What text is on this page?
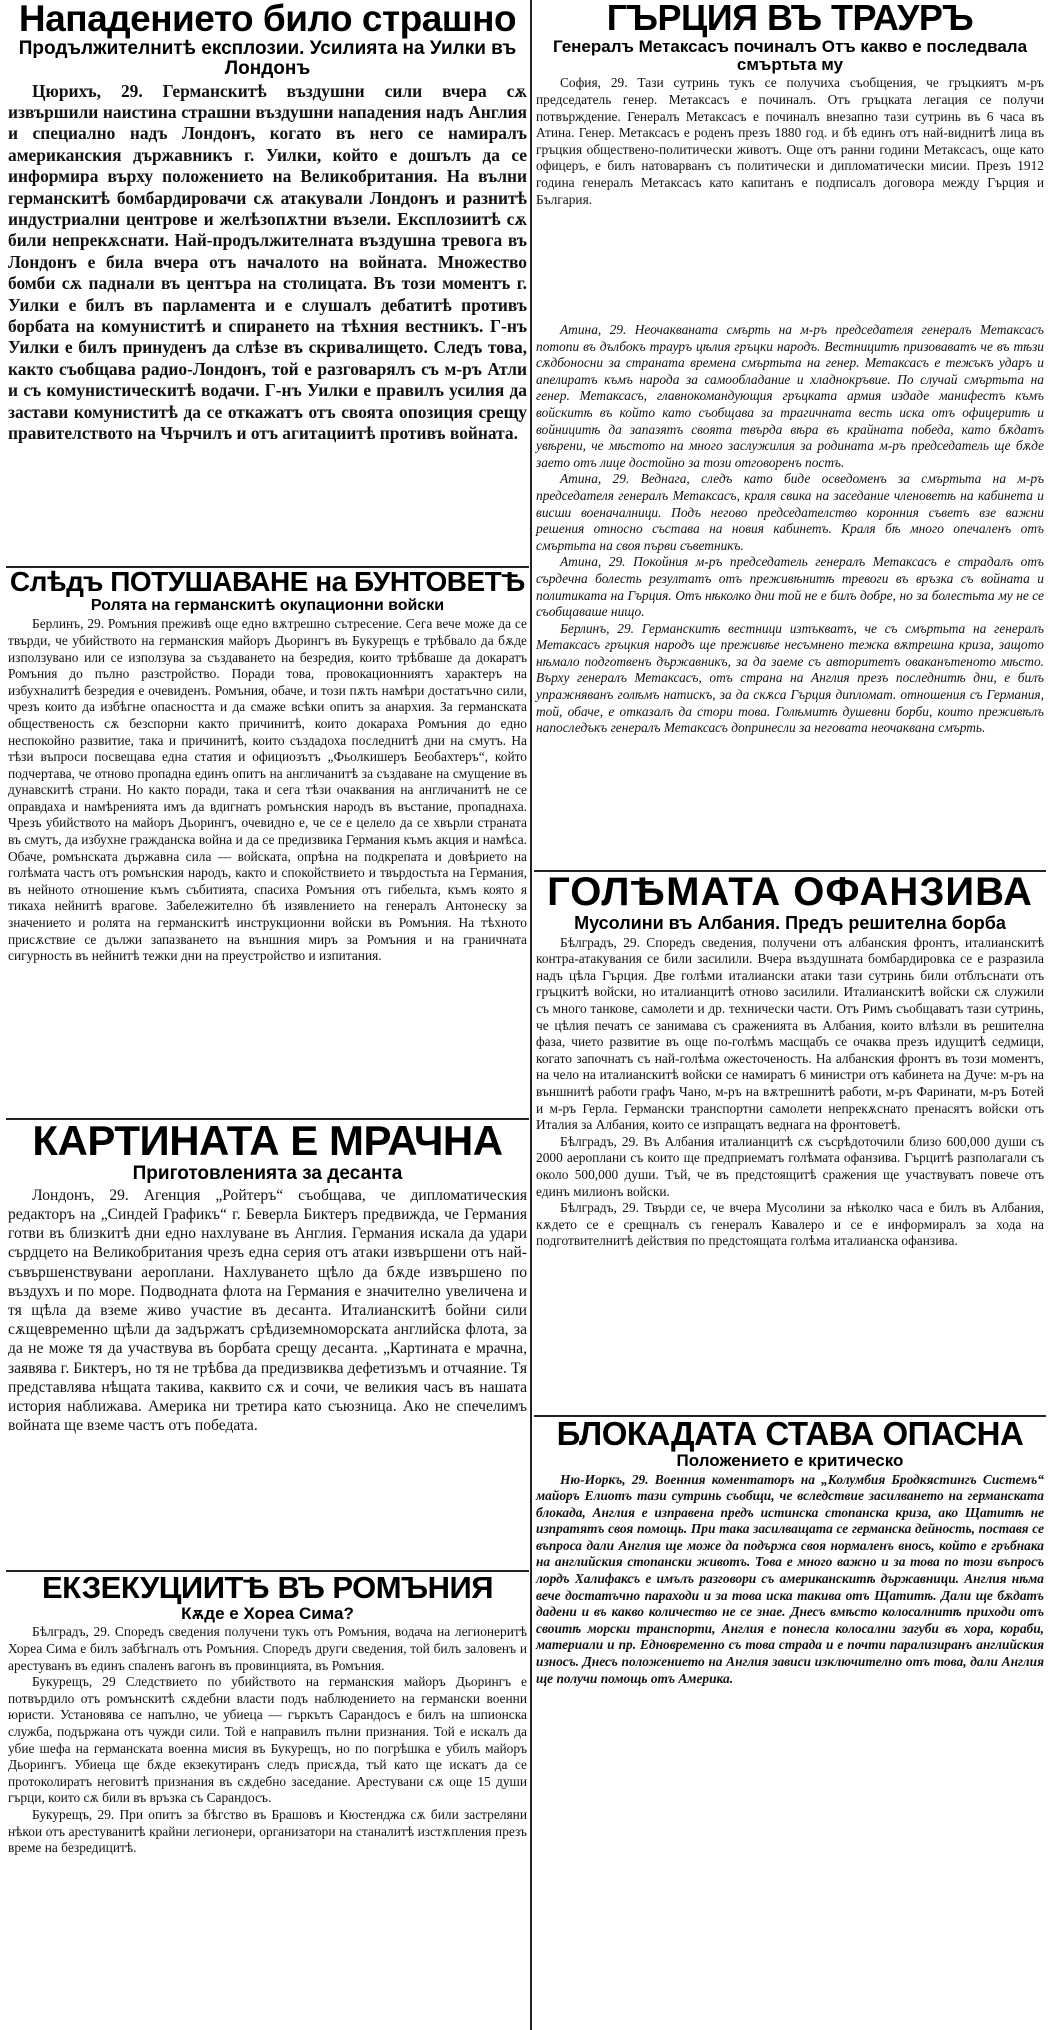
Нападението било страшно
Продължителнитѣ експлозии. Усилията на Уилки въ Лондонъ

Цюрихъ, 29. Германскитѣ въздушни сили вчера сѫ извършили наистина страшни въздушни нападения надъ Англия и специално надъ Лондонъ, когато въ него се намиралъ американския държавникъ г. Уилки, който е дошълъ да се информира върху положението на Великобритания. На вълни германскитѣ бомбардировачи сѫ атакували Лондонъ и разнитѣ индустриални центрове и желѣзопѫтни възели. Експлозиитѣ сѫ били непрекѫснати. Най-продължителната въздушна тревога въ Лондонъ е била вчера отъ началото на войната. Множество бомби сѫ паднали въ центъра на столицата. Въ този моментъ г. Уилки е билъ въ парламента и е слушалъ дебатитѣ противъ борбата на комуниститѣ и спирането на тѣхния вестникъ. Г-нъ Уилки е билъ принуденъ да слѣзе въ скривалището. Следъ това, както съобщава радио-Лондонъ, той е разговарялъ съ м-ръ Атли и съ комунистическитѣ водачи. Г-нъ Уилки е правилъ усилия да застави комуниститѣ да се откажатъ отъ своята опозиция срещу правителството на Чърчилъ и отъ агитациитѣ противъ войната.

Слѣдъ ПОТУШАВАНЕ на БУНТОВЕТѢ
Ролята на германскитѣ окупационни войски

Берлинъ, 29. Ромъния преживѣ още едно вѫтрешно сътресение. Сега вече може да се твърди, че убийството на германския майоръ Дьорингъ въ Букурещъ е трѣбвало да бѫде използувано или се използува за създаването на безредия, които трѣбваше да докаратъ Ромъния до пълно разстройство. Поради това, провокационниятъ характеръ на избухналитѣ безредия е очевиденъ. Ромъния, обаче, и този пѫть намѣри достатъчно сили, чрезъ които да избѣгне опасността и да смаже всѣки опитъ за анархия. За германската общественость сѫ безспорни както причинитѣ, които докараха Ромъния до едно неспокойно развитие, така и причинитѣ, които създадоха последнитѣ дни на смутъ. На тѣзи въпроси посвещава една статия и официозътъ „Фьолкишеръ Беобахтеръ“, който подчертава, че отново пропадна единъ опитъ на англичанитѣ за създаване на смущение въ дунавскитѣ страни. Но както поради, така и сега тѣзи очаквания на англичанитѣ не се оправдаха и намѣренията имъ да вдигнатъ ромънския народъ въ въстание, пропаднаха. Чрезъ убийството на майоръ Дьорингъ, очевидно е, че се е целело да се хвърли страната въ смутъ, да избухне гражданска война и да се предизвика Германия къмъ акция и намѣса. Обаче, ромънската държавна сила — войската, опрѣна на подкрепата и довѣрието на голѣмата частъ отъ ромънския народъ, както и спокойствието и твърдостьта на Германия, въ нейното отношение къмъ събитията, спасиха Ромъния отъ гибельта, къмъ която я тикаха нейнитѣ врагове. Забележително бѣ изявлението на генералъ Антонеску за значението и ролята на германскитѣ инструкционни войски въ Ромъния. На тѣхното присѫствие се дължи запазването на външния миръ за Ромъния и на граничната сигурность въ нейнитѣ тежки дни на преустройство и изпитания.

КАРТИНАТА Е МРАЧНА
Приготовленията за десанта

Лондонъ, 29. Агенция „Ройтеръ“ съобщава, че дипломатическия редакторъ на „Синдей Графикъ“ г. Беверла Биктеръ предвижда, че Германия готви въ близкитѣ дни едно нахлуване въ Англия. Германия искала да удари сърдцето на Великобритания чрезъ една серия отъ атаки извършени отъ най-съвършенствувани аероплани. Нахлуването щѣло да бѫде извършено по въздухъ и по море. Подводната флота на Германия е значително увеличена и тя щѣла да вземе живо участие въ десанта. Италианскитѣ бойни сили сѫщевременно щѣли да задържатъ срѣдиземноморската английска флота, за да не може тя да участвува въ борбата срещу десанта. „Картината е мрачна, заявява г. Биктеръ, но тя не трѣбва да предизвиква дефетизъмъ и отчаяние. Тя представлява нѣщата такива, каквито сѫ и сочи, че великия часъ въ нашата история наближава. Америка ни третира като съюзница. Ако не спечелимъ войната ще вземе частъ отъ победата.

ЕКЗЕКУЦИИТѢ ВЪ РОМЪНИЯ
Кѫде е Хореа Сима?

Бѣлградъ, 29. Споредъ сведения получени тукъ отъ Ромъния, водача на легионеритѣ Хореа Сима е билъ забѣгналъ отъ Ромъния. Споредъ други сведения, той билъ заловенъ и арестуванъ въ единъ спаленъ вагонъ въ провинцията, въ Ромъния.

Букурещъ, 29 Следствието по убийството на германския майоръ Дьорингъ е потвърдило отъ ромънскитѣ сѫдебни власти подъ наблюдението на германски военни юристи. Установява се напълно, че убиеца — гъркътъ Сарандосъ е билъ на шпионска служба, подържана отъ чужди сили. Той е направилъ пълни признания. Той е искалъ да убие шефа на германската военна мисия въ Букурещъ, но по погрѣшка е убилъ майоръ Дьорингъ. Убиеца ще бѫде екзекутиранъ следъ присѫда, тъй като ще искатъ да се протоколиратъ неговитѣ признания въ сѫдебно заседание. Арестувани сѫ още 15 души гърци, които сѫ били въ връзка съ Сарандосъ.

Букурещъ, 29. При опитъ за бѣгство въ Брашовъ и Кюстенджа сѫ били застреляни нѣкои отъ арестуванитѣ крайни легионери, организатори на станалитѣ изстѫпления презъ време на безредицитѣ.

ГЪРЦИЯ ВЪ ТРАУРЪ
Генералъ Метаксасъ починалъ Отъ какво е последвала смъртьта му

София, 29. Тази сутринь тукъ се получиха съобщения, че гръцкиятъ м-ръ председатель генер. Метаксасъ е починалъ. Отъ гръцката легация се получи потвърждение. Генералъ Метаксасъ е починалъ внезапно тази сутринь въ 6 часа въ Атина. Генер. Метаксасъ е роденъ презъ 1880 год. и бѣ единъ отъ най-виднитѣ лица въ гръцкия обществено-политически животъ. Още отъ ранни години Метаксасъ, още като офицеръ, е билъ натоварванъ съ политически и дипломатически мисии. Презъ 1912 година генералъ Метаксасъ като капитанъ е подписалъ договора между Гърция и България.

Атина, 29. Неочакваната смърть на м-ръ председателя генералъ Метаксасъ потопи въ дълбокъ трауръ цѣлия гръцки народъ. Вестницитѣ призоваватъ че въ тѣзи сѫдбоносни за страната времена смъртьта на генер. Метаксасъ е тежъкъ ударъ и апелиратъ къмъ народа за самообладание и хладнокръвие. По случай смъртьта на генер. Метаксасъ, главнокомандующия гръцката армия издаде манифестъ къмъ войскитѣ въ който като съобщава за трагичната весть иска отъ офицеритѣ и войницитѣ да запазятъ своята твърда вѣра въ крайната победа, като бѫдатъ увѣрени, че мѣстото на много заслужилия за родината м-ръ председатель ще бѫде заето отъ лице достойно за този отговоренъ постъ.

Атина, 29. Веднага, следъ като биде осведоменъ за смъртьта на м-ръ председателя генералъ Метаксасъ, краля свика на заседание членоветѣ на кабинета и висши военачалници. Подъ негово председателство коронния съветъ взе важни решения относно състава на новия кабинетъ. Краля бѣ много опечаленъ отъ смъртьта на своя първи съветникъ.

Атина, 29. Покойния м-ръ председатель генералъ Метаксасъ е страдалъ отъ сърдечна болесть резултатъ отъ преживѣнитѣ тревоги въ връзка съ войната и политиката на Гърция. Отъ нѣколко дни той не е билъ добре, но за болестьта му не се съобщаваше нищо.

Берлинъ, 29. Германскитѣ вестници изтъкватъ, че съ смъртьта на генералъ Метаксасъ гръцкия народъ ще преживѣе несъмнено тежка вѫтрешна криза, защото нѣмало подготвенъ държавникъ, за да заеме съ авторитетъ оваканътеното мѣсто. Върху генералъ Метаксасъ, отъ страна на Англия презъ последнитѣ дни, е билъ упражняванъ голѣмъ натискъ, за да скѫса Гърция дипломат. отношения съ Германия, той, обаче, е отказалъ да стори това. Голѣмитѣ душевни борби, които преживѣлъ напоследъкъ генералъ Метаксасъ допринесли за неговата неочаквана смърть.

ГОЛѢМАТА ОФАНЗИВА
Мусолини въ Албания. Предъ решителна борба

Бѣлградъ, 29. Споредъ сведения, получени отъ албанския фронтъ, италианскитѣ контра-атакувания се били засилили. Вчера въздушната бомбардировка се е разразила надъ цѣла Гърция. Две голѣми италиански атаки тази сутринь били отблъснати отъ гръцкитѣ войски, но италианцитѣ отново засилили. Италианскитѣ войски сѫ служили съ много танкове, самолети и др. технически части. Отъ Римъ съобщаватъ тази сутринь, че цѣлия печатъ се занимава съ сраженията въ Албания, които влѣзли въ решителна фаза, чието развитие въ още по-голѣмъ масщабъ се очаква презъ идущитѣ седмици, когато започнатъ съ най-голѣма ожесточеность. На албанския фронтъ въ този моментъ, на чело на италианскитѣ войски се намиратъ 6 министри отъ кабинета на Дуче: м-ръ на външнитѣ работи графъ Чано, м-ръ на вѫтрешнитѣ работи, м-ръ Фаринати, м-ръ Ботей и м-ръ Герла. Германски транспортни самолети непрекѫснато пренасятъ войски отъ Италия за Албания, които се изпращатъ веднага на фронтоветѣ.

Бѣлградъ, 29. Въ Албания италианцитѣ сѫ съсрѣдоточили близо 600,000 души съ 2000 аероплани съ които ще предприематъ голѣмата офанзива. Гърцитѣ разполагали съ около 500,000 души. Тъй, че въ предстоящитѣ сражения ще участвуватъ повече отъ единъ милионъ войски.

Бѣлградъ, 29. Твърди се, че вчера Мусолини за нѣколко часа е билъ въ Албания, кѫдето се е срещналъ съ генералъ Кавалеро и се е информиралъ за хода на подготвителнитѣ действия по предстоящата голѣма италианска офанзива.

БЛОКАДАТА СТАВА ОПАСНА
Положението е критическо

Ню-Иоркъ, 29. Военния коментаторъ на „Колумбия Бродкястингъ Системъ“ майоръ Елиотъ тази сутринь съобщи, че вследствие засилването на германската блокада, Англия е изправена предъ истинска стопанска криза, ако Щатитѣ не изпратятъ своя помощь. При така засилващата се германска дейность, поставя се въпроса дали Англия ще може да подържа своя нормаленъ вносъ, който е гръбнака на английския стопански животъ. Това е много важно и за това по този въпросъ лордъ Халифаксъ е имълъ разговори съ американскитѣ държавници. Англия нѣма вече достатъчно параходи и за това иска такива отъ Щатитѣ. Дали ще бѫдатъ дадени и въ какво количество не се знае. Днесъ вмѣсто колосалнитѣ приходи отъ своитѣ морски транспорти, Англия е понесла колосални загуби въ хора, кораби, материали и пр. Едновременно съ това страда и е почти парализиранъ английския износъ. Днесъ положението на Англия зависи изключително отъ това, дали Англия ще получи помощь отъ Америка.
